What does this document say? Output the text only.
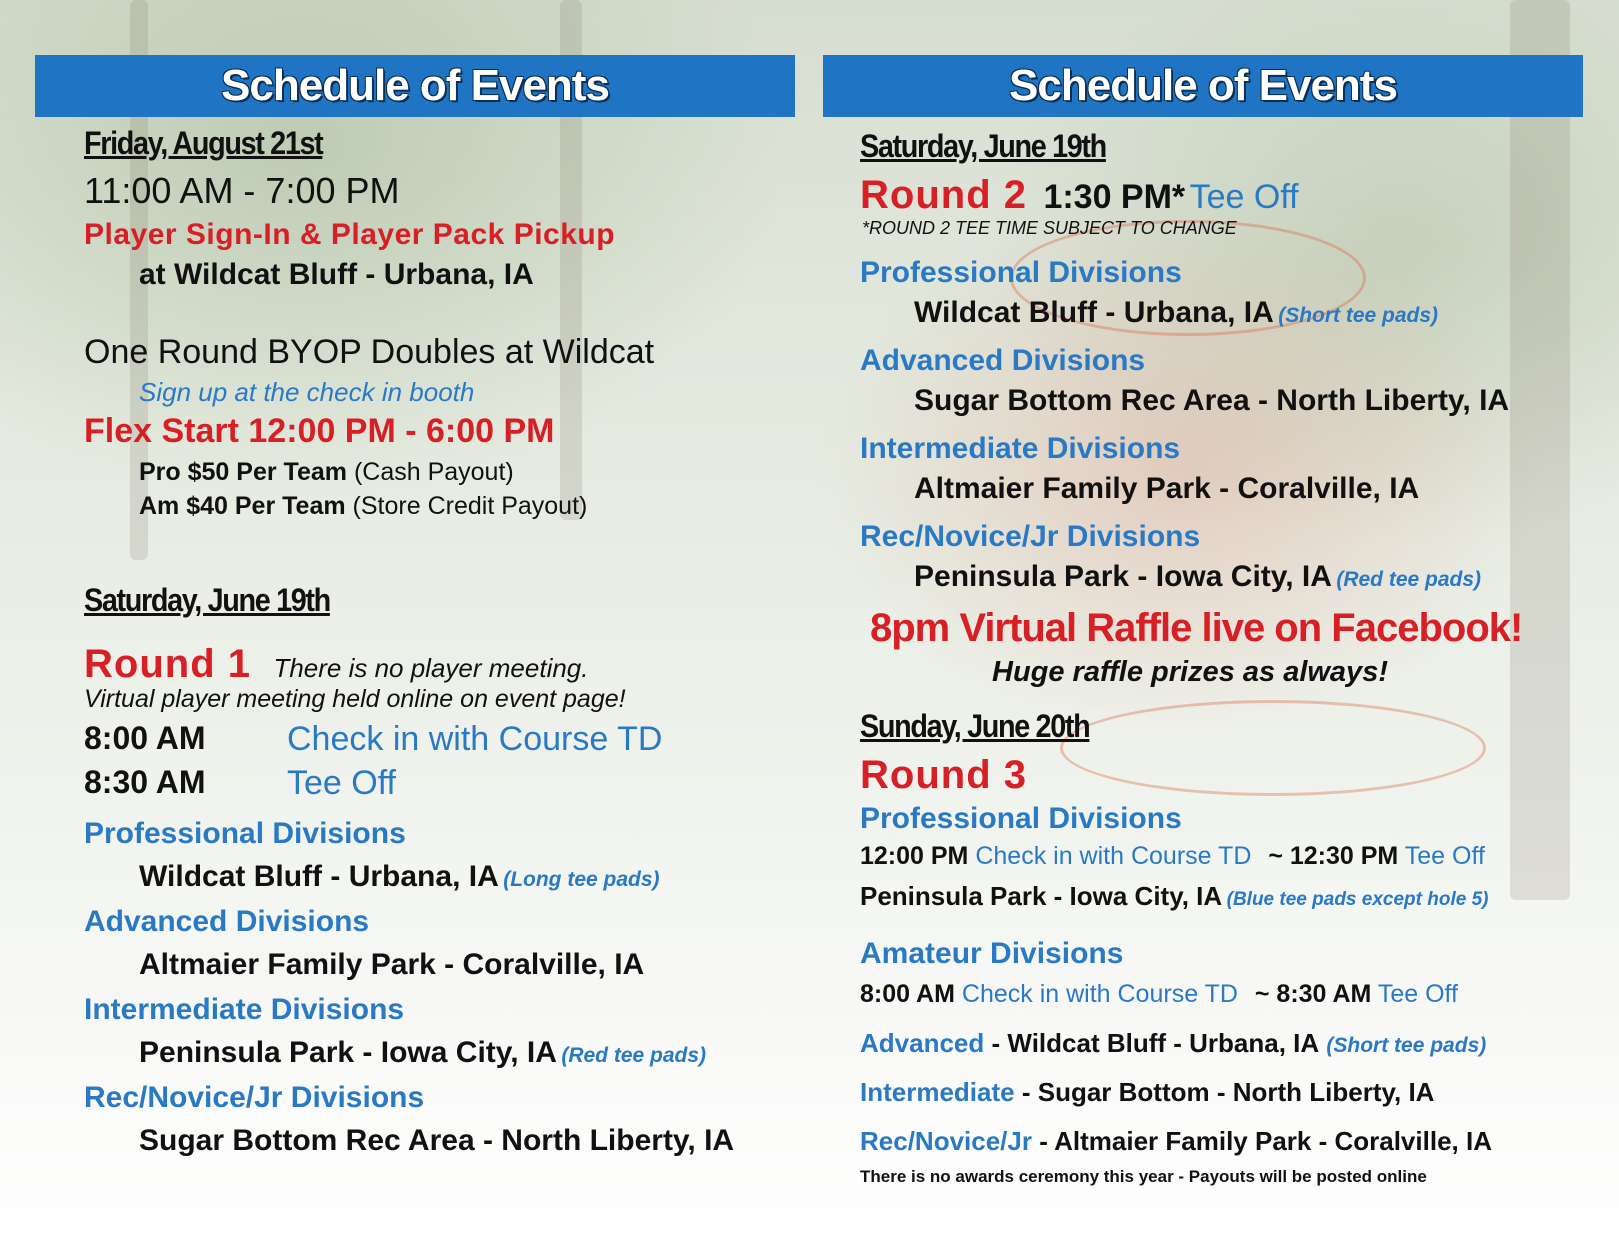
Schedule of Events
Friday, August 21st
11:00 AM - 7:00 PM
Player Sign-In & Player Pack Pickup
at Wildcat Bluff - Urbana, IA
One Round BYOP Doubles at Wildcat
Sign up at the check in booth
Flex Start 12:00 PM - 6:00 PM
Pro $50 Per Team (Cash Payout)
Am $40 Per Team (Store Credit Payout)
Saturday, June 19th
Round 1 There is no player meeting.
Virtual player meeting held online on event page!
8:00 AM Check in with Course TD
8:30 AM Tee Off
Professional Divisions
Wildcat Bluff - Urbana, IA (Long tee pads)
Advanced Divisions
Altmaier Family Park - Coralville, IA
Intermediate Divisions
Peninsula Park - Iowa City, IA (Red tee pads)
Rec/Novice/Jr Divisions
Sugar Bottom Rec Area - North Liberty, IA
Schedule of Events
Saturday, June 19th
Round 2 1:30 PM* Tee Off
*ROUND 2 TEE TIME SUBJECT TO CHANGE
Professional Divisions
Wildcat Bluff - Urbana, IA (Short tee pads)
Advanced Divisions
Sugar Bottom Rec Area - North Liberty, IA
Intermediate Divisions
Altmaier Family Park - Coralville, IA
Rec/Novice/Jr Divisions
Peninsula Park - Iowa City, IA (Red tee pads)
8pm Virtual Raffle live on Facebook!
Huge raffle prizes as always!
Sunday, June 20th
Round 3
Professional Divisions
12:00 PM Check in with Course TD ~ 12:30 PM Tee Off
Peninsula Park - Iowa City, IA (Blue tee pads except hole 5)
Amateur Divisions
8:00 AM Check in with Course TD ~ 8:30 AM Tee Off
Advanced - Wildcat Bluff - Urbana, IA (Short tee pads)
Intermediate - Sugar Bottom - North Liberty, IA
Rec/Novice/Jr - Altmaier Family Park - Coralville, IA
There is no awards ceremony this year - Payouts will be posted online
